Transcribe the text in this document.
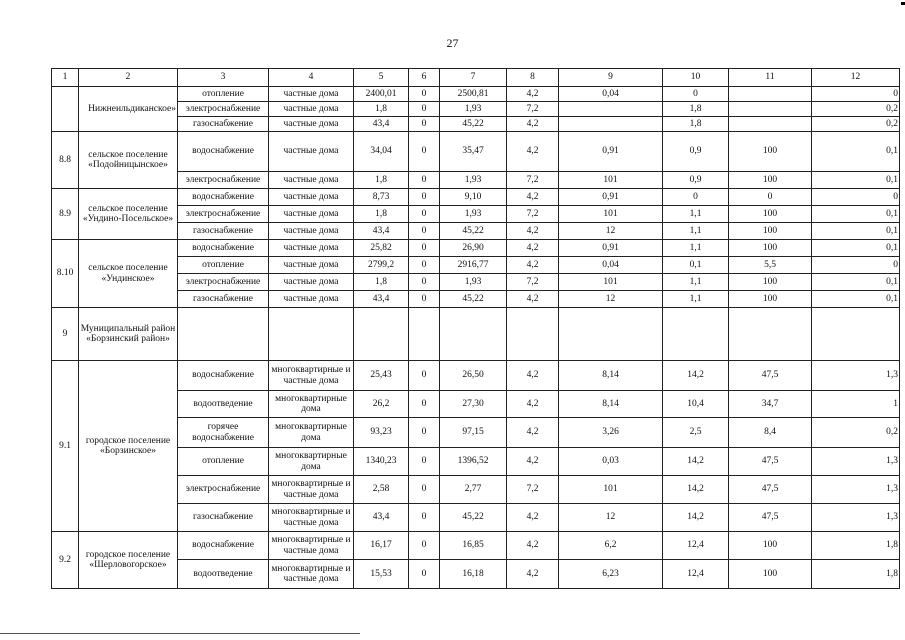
27
1	2	3	4	5	6	7	8	9	10	11	12
	Нижнеильдиканское»	отопление	частные дома	2400,01	0	2500,81	4,2	0,04	0		0
		электроснабжение	частные дома	1,8	0	1,93	7,2		1,8		0,2
		газоснабжение	частные дома	43,4	0	45,22	4,2		1,8		0,2
8.8	сельское поселение «Подойницынское»	водоснабжение	частные дома	34,04	0	35,47	4,2	0,91	0,9	100	0,1
		электроснабжение	частные дома	1,8	0	1,93	7,2	101	0,9	100	0,1
8.9	сельское поселение «Ундино-Посельское»	водоснабжение	частные дома	8,73	0	9,10	4,2	0,91	0	0	0
		электроснабжение	частные дома	1,8	0	1,93	7,2	101	1,1	100	0,1
		газоснабжение	частные дома	43,4	0	45,22	4,2	12	1,1	100	0,1
8.10	сельское поселение «Ундинское»	водоснабжение	частные дома	25,82	0	26,90	4,2	0,91	1,1	100	0,1
		отопление	частные дома	2799,2	0	2916,77	4,2	0,04	0,1	5,5	0
		электроснабжение	частные дома	1,8	0	1,93	7,2	101	1,1	100	0,1
		газоснабжение	частные дома	43,4	0	45,22	4,2	12	1,1	100	0,1
9	Муниципальный район «Борзинский район»										
9.1	городское поселение «Борзинское»	водоснабжение	многоквартирные и частные дома	25,43	0	26,50	4,2	8,14	14,2	47,5	1,3
		водоотведение	многоквартирные дома	26,2	0	27,30	4,2	8,14	10,4	34,7	1
		горячее водоснабжение	многоквартирные дома	93,23	0	97,15	4,2	3,26	2,5	8,4	0,2
		отопление	многоквартирные дома	1340,23	0	1396,52	4,2	0,03	14,2	47,5	1,3
		электроснабжение	многоквартирные и частные дома	2,58	0	2,77	7,2	101	14,2	47,5	1,3
		газоснабжение	многоквартирные и частные дома	43,4	0	45,22	4,2	12	14,2	47,5	1,3
9.2	городское поселение «Шерловогорское»	водоснабжение	многоквартирные и частные дома	16,17	0	16,85	4,2	6,2	12,4	100	1,8
		водоотведение	многоквартирные и частные дома	15,53	0	16,18	4,2	6,23	12,4	100	1,8
